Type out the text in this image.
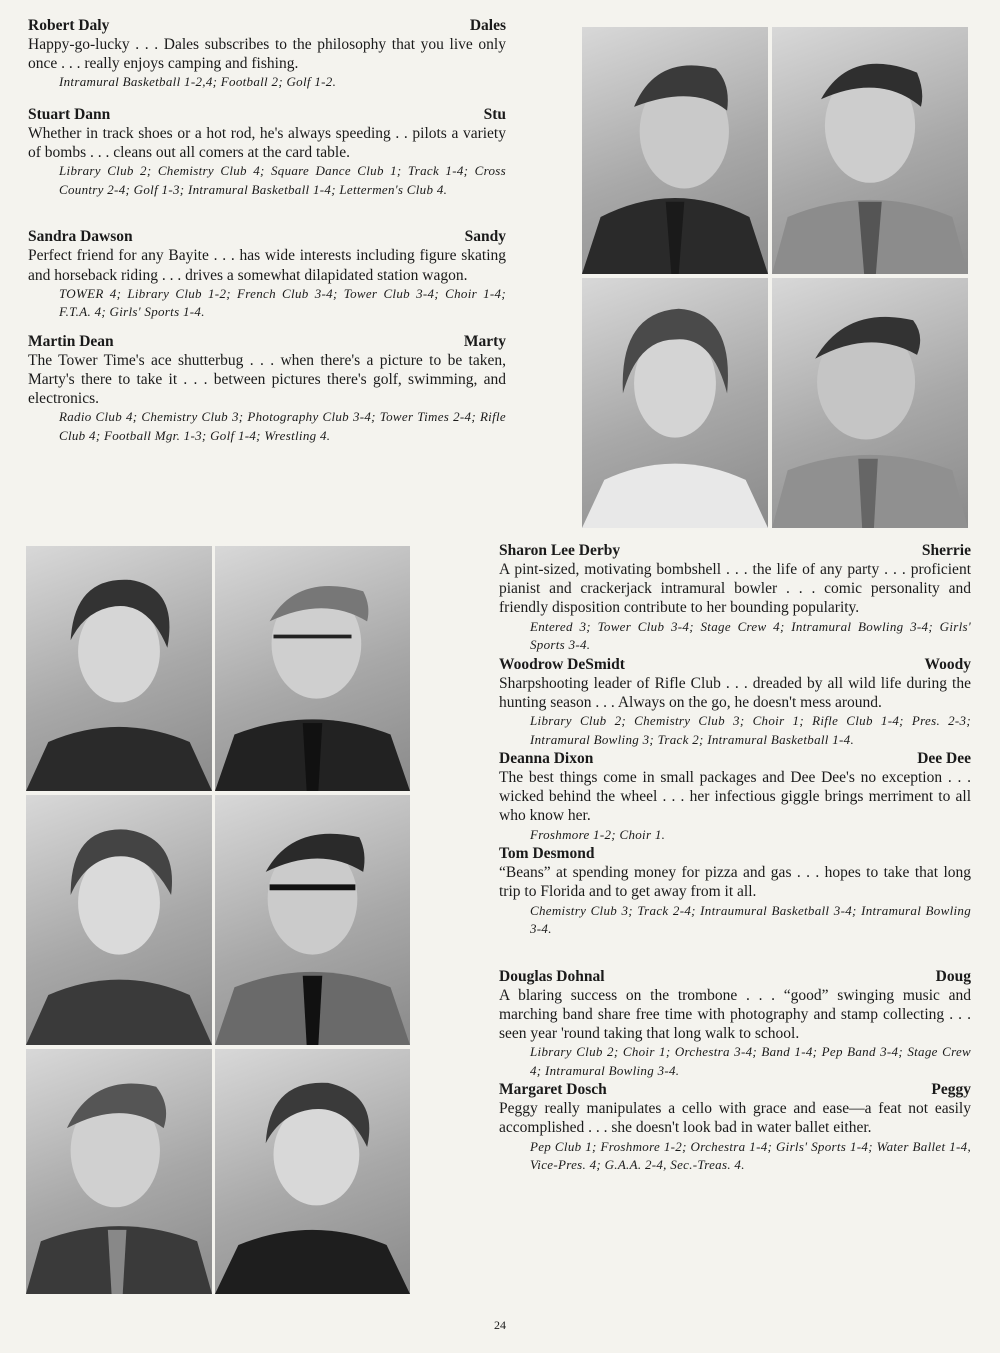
Robert Daly	Dales

Happy-go-lucky . . . Dales subscribes to the philosophy that you live only once . . . really enjoys camping and fishing.

Intramural Basketball 1-2,4; Football 2; Golf 1-2.

Stuart Dann	Stu

Whether in track shoes or a hot rod, he's always speeding . . pilots a variety of bombs . . . cleans out all comers at the card table.

Library Club 2; Chemistry Club 4; Square Dance Club 1; Track 1-4; Cross Country 2-4; Golf 1-3; Intramural Basketball 1-4; Lettermen's Club 4.

Sandra Dawson	Sandy

Perfect friend for any Bayite . . . has wide interests including figure skating and horseback riding . . . drives a somewhat dilapidated station wagon.

TOWER 4; Library Club 1-2; French Club 3-4; Tower Club 3-4; Choir 1-4; F.T.A. 4; Girls' Sports 1-4.

Martin Dean	Marty

The Tower Time's ace shutterbug . . . when there's a picture to be taken, Marty's there to take it . . . between pictures there's golf, swimming, and electronics.

Radio Club 4; Chemistry Club 3; Photography Club 3-4; Tower Times 2-4; Rifle Club 4; Football Mgr. 1-3; Golf 1-4; Wrestling 4.

Sharon Lee Derby	Sherrie

A pint-sized, motivating bombshell . . . the life of any party . . . proficient pianist and crackerjack intramural bowler . . . comic personality and friendly disposition contribute to her bounding popularity.

Entered 3; Tower Club 3-4; Stage Crew 4; Intramural Bowling 3-4; Girls' Sports 3-4.

Woodrow DeSmidt	Woody

Sharpshooting leader of Rifle Club . . . dreaded by all wild life during the hunting season . . . Always on the go, he doesn't mess around.

Library Club 2; Chemistry Club 3; Choir 1; Rifle Club 1-4; Pres. 2-3; Intramural Bowling 3; Track 2; Intramural Basketball 1-4.

Deanna Dixon	Dee Dee

The best things come in small packages and Dee Dee's no exception . . . wicked behind the wheel . . . her infectious giggle brings merriment to all who know her.

Froshmore 1-2; Choir 1.

Tom Desmond

“Beans” at spending money for pizza and gas . . . hopes to take that long trip to Florida and to get away from it all.

Chemistry Club 3; Track 2-4; Intraumural Basketball 3-4; Intramural Bowling 3-4.

Douglas Dohnal	Doug

A blaring success on the trombone . . . “good” swinging music and marching band share free time with photography and stamp collecting . . . seen year 'round taking that long walk to school.

Library Club 2; Choir 1; Orchestra 3-4; Band 1-4; Pep Band 3-4; Stage Crew 4; Intramural Bowling 3-4.

Margaret Dosch	Peggy

Peggy really manipulates a cello with grace and ease—a feat not easily accomplished . . . she doesn't look bad in water ballet either.

Pep Club 1; Froshmore 1-2; Orchestra 1-4; Girls' Sports 1-4; Water Ballet 1-4, Vice-Pres. 4; G.A.A. 2-4, Sec.-Treas. 4.

24
